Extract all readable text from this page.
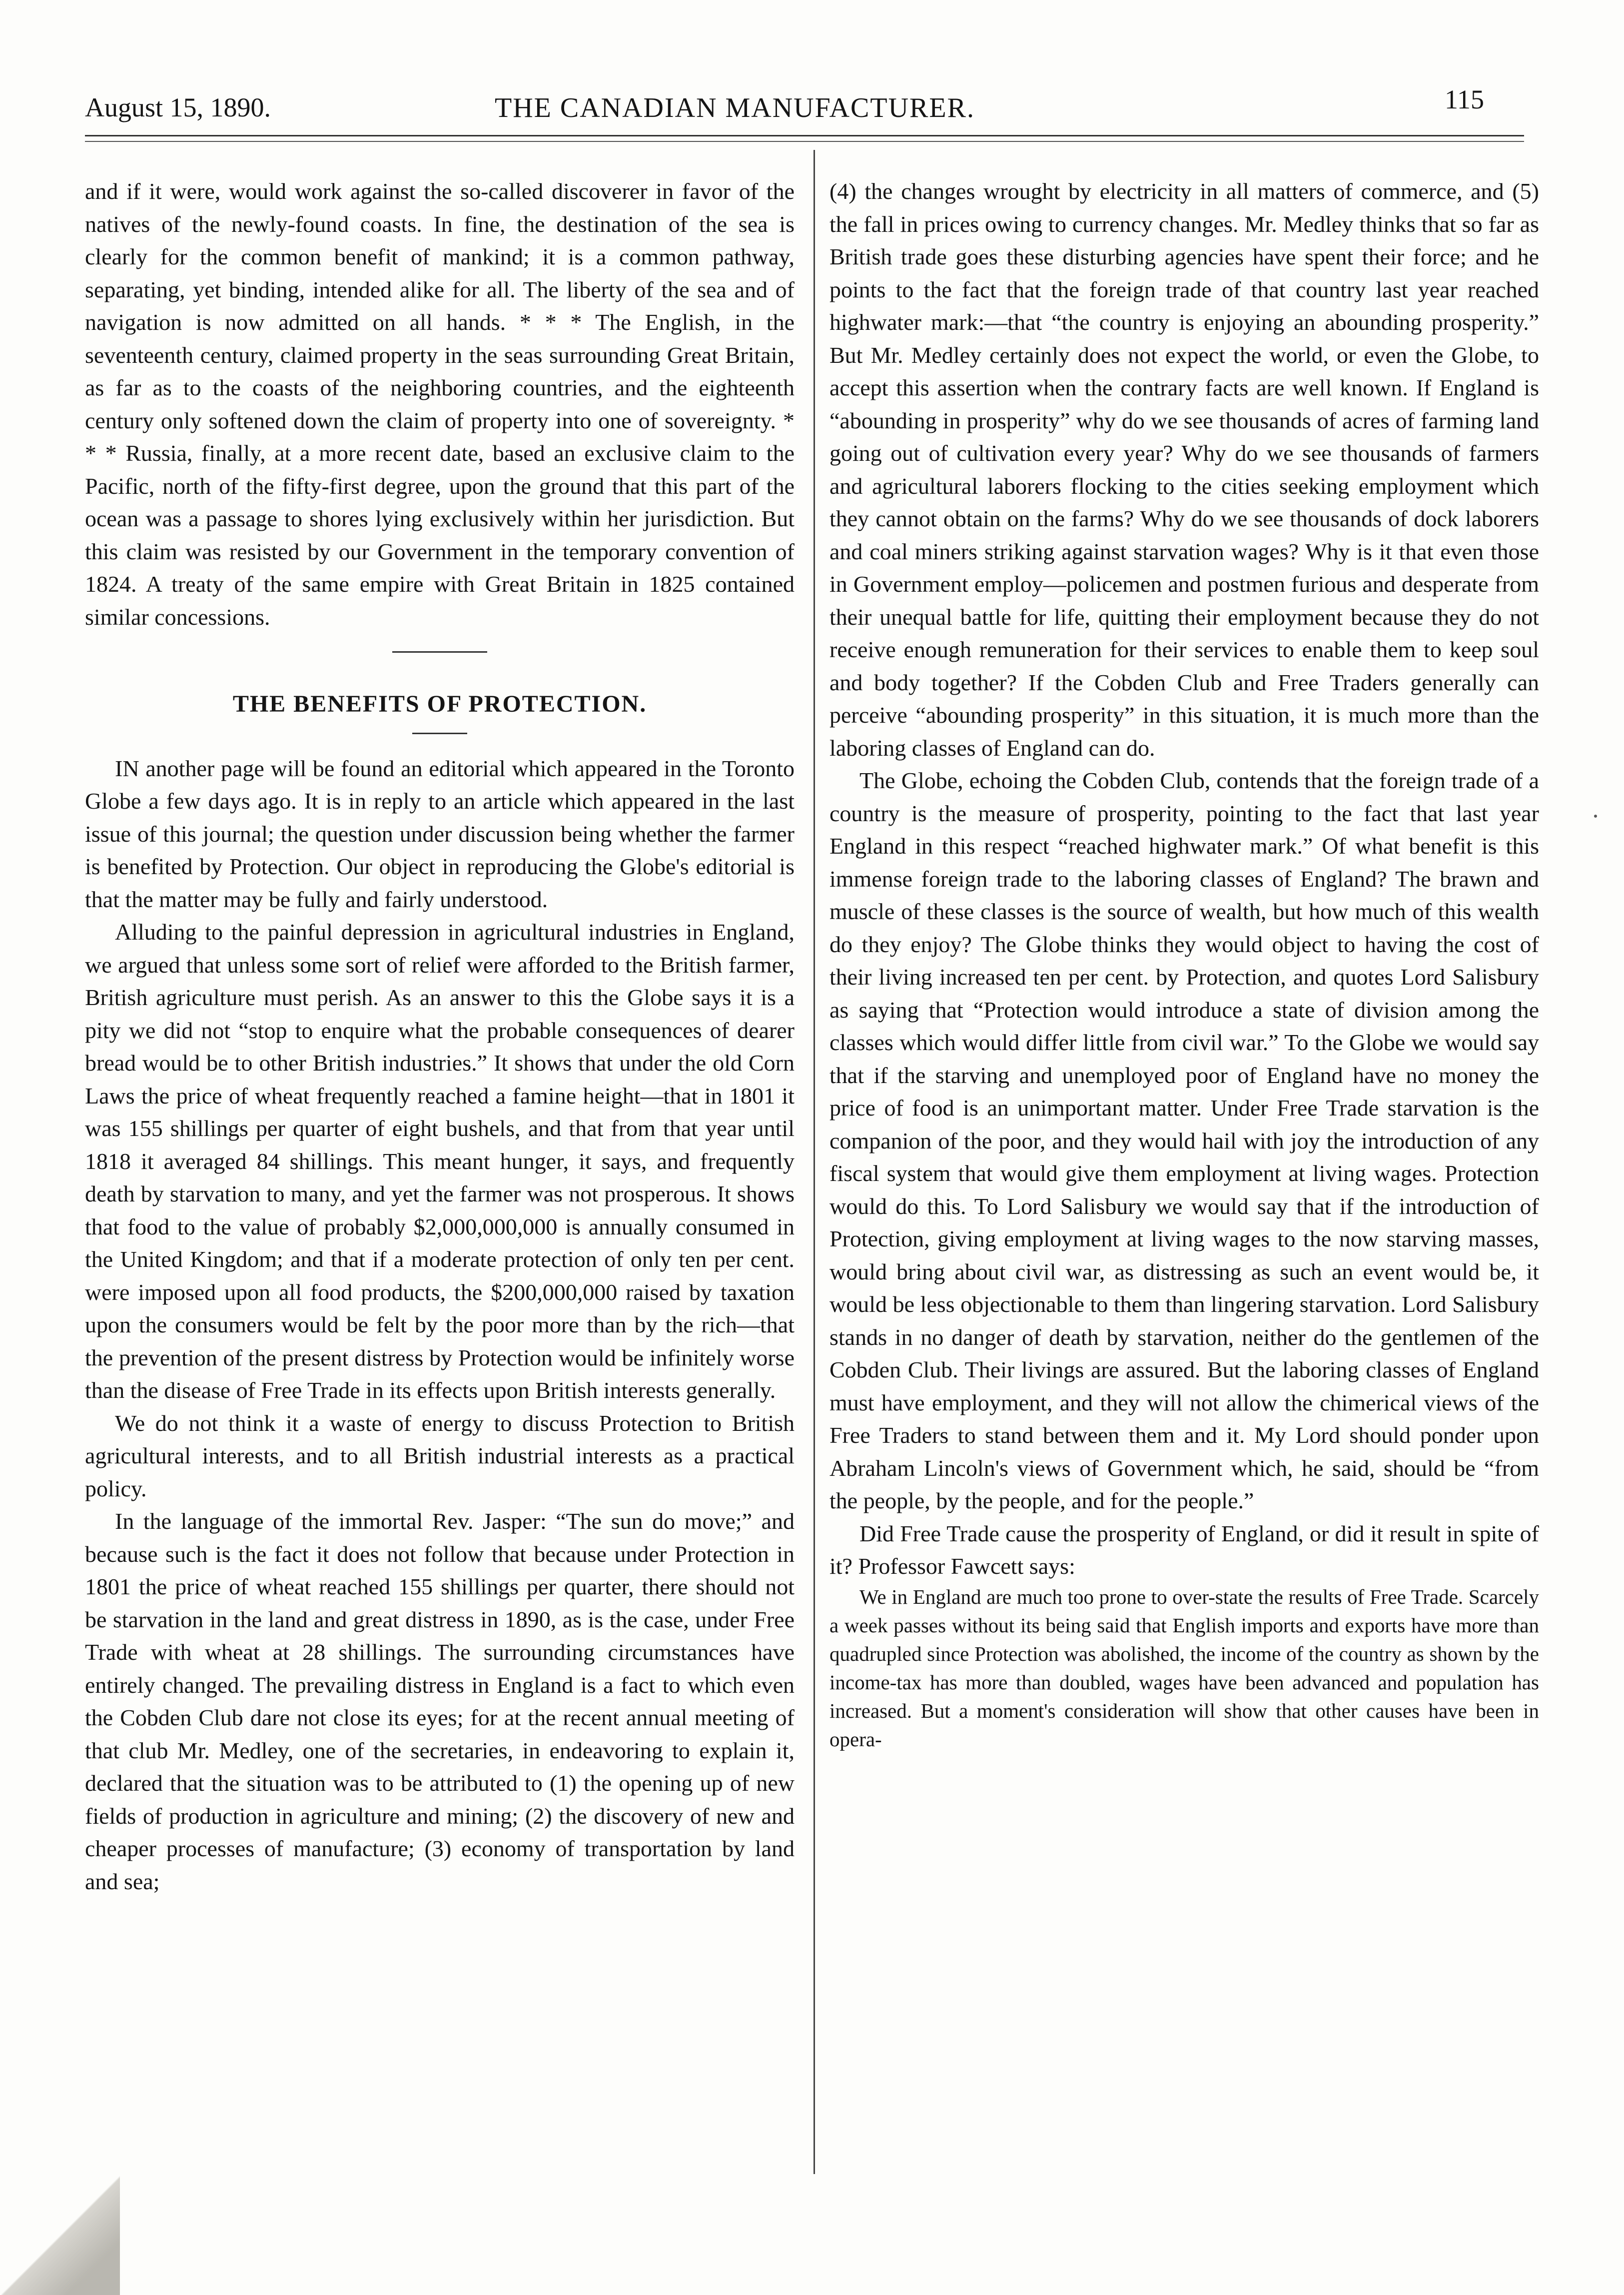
August 15, 1890.	THE CANADIAN MANUFACTURER.	115

and if it were, would work against the so-called discoverer in favor of the natives of the newly-found coasts. In fine, the destination of the sea is clearly for the common benefit of mankind; it is a common pathway, separating, yet binding, intended alike for all. The liberty of the sea and of navigation is now admitted on all hands. * * * The English, in the seventeenth century, claimed property in the seas surrounding Great Britain, as far as to the coasts of the neighboring countries, and the eighteenth century only softened down the claim of property into one of sovereignty. * * * Russia, finally, at a more recent date, based an exclusive claim to the Pacific, north of the fifty-first degree, upon the ground that this part of the ocean was a passage to shores lying exclusively within her jurisdiction. But this claim was resisted by our Government in the temporary convention of 1824. A treaty of the same empire with Great Britain in 1825 contained similar concessions.

THE BENEFITS OF PROTECTION.

IN another page will be found an editorial which appeared in the Toronto Globe a few days ago. It is in reply to an article which appeared in the last issue of this journal; the question under discussion being whether the farmer is benefited by Protection. Our object in reproducing the Globe's editorial is that the matter may be fully and fairly understood.

Alluding to the painful depression in agricultural industries in England, we argued that unless some sort of relief were afforded to the British farmer, British agriculture must perish. As an answer to this the Globe says it is a pity we did not “stop to enquire what the probable consequences of dearer bread would be to other British industries.” It shows that under the old Corn Laws the price of wheat frequently reached a famine height—that in 1801 it was 155 shillings per quarter of eight bushels, and that from that year until 1818 it averaged 84 shillings. This meant hunger, it says, and frequently death by starvation to many, and yet the farmer was not prosperous. It shows that food to the value of probably $2,000,000,000 is annually consumed in the United Kingdom; and that if a moderate protection of only ten per cent. were imposed upon all food products, the $200,000,000 raised by taxation upon the consumers would be felt by the poor more than by the rich—that the prevention of the present distress by Protection would be infinitely worse than the disease of Free Trade in its effects upon British interests generally.

We do not think it a waste of energy to discuss Protection to British agricultural interests, and to all British industrial interests as a practical policy.

In the language of the immortal Rev. Jasper: “The sun do move;” and because such is the fact it does not follow that because under Protection in 1801 the price of wheat reached 155 shillings per quarter, there should not be starvation in the land and great distress in 1890, as is the case, under Free Trade with wheat at 28 shillings. The surrounding circumstances have entirely changed. The prevailing distress in England is a fact to which even the Cobden Club dare not close its eyes; for at the recent annual meeting of that club Mr. Medley, one of the secretaries, in endeavoring to explain it, declared that the situation was to be attributed to (1) the opening up of new fields of production in agriculture and mining; (2) the discovery of new and cheaper processes of manufacture; (3) economy of transportation by land and sea;

(4) the changes wrought by electricity in all matters of commerce, and (5) the fall in prices owing to currency changes. Mr. Medley thinks that so far as British trade goes these disturbing agencies have spent their force; and he points to the fact that the foreign trade of that country last year reached highwater mark:—that “the country is enjoying an abounding prosperity.” But Mr. Medley certainly does not expect the world, or even the Globe, to accept this assertion when the contrary facts are well known. If England is “abounding in prosperity” why do we see thousands of acres of farming land going out of cultivation every year? Why do we see thousands of farmers and agricultural laborers flocking to the cities seeking employment which they cannot obtain on the farms? Why do we see thousands of dock laborers and coal miners striking against starvation wages? Why is it that even those in Government employ—policemen and postmen furious and desperate from their unequal battle for life, quitting their employment because they do not receive enough remuneration for their services to enable them to keep soul and body together? If the Cobden Club and Free Traders generally can perceive “abounding prosperity” in this situation, it is much more than the laboring classes of England can do.

The Globe, echoing the Cobden Club, contends that the foreign trade of a country is the measure of prosperity, pointing to the fact that last year England in this respect “reached highwater mark.” Of what benefit is this immense foreign trade to the laboring classes of England? The brawn and muscle of these classes is the source of wealth, but how much of this wealth do they enjoy? The Globe thinks they would object to having the cost of their living increased ten per cent. by Protection, and quotes Lord Salisbury as saying that “Protection would introduce a state of division among the classes which would differ little from civil war.” To the Globe we would say that if the starving and unemployed poor of England have no money the price of food is an unimportant matter. Under Free Trade starvation is the companion of the poor, and they would hail with joy the introduction of any fiscal system that would give them employment at living wages. Protection would do this. To Lord Salisbury we would say that if the introduction of Protection, giving employment at living wages to the now starving masses, would bring about civil war, as distressing as such an event would be, it would be less objectionable to them than lingering starvation. Lord Salisbury stands in no danger of death by starvation, neither do the gentlemen of the Cobden Club. Their livings are assured. But the laboring classes of England must have employment, and they will not allow the chimerical views of the Free Traders to stand between them and it. My Lord should ponder upon Abraham Lincoln's views of Government which, he said, should be “from the people, by the people, and for the people.”

Did Free Trade cause the prosperity of England, or did it result in spite of it? Professor Fawcett says:

We in England are much too prone to over-state the results of Free Trade. Scarcely a week passes without its being said that English imports and exports have more than quadrupled since Protection was abolished, the income of the country as shown by the income-tax has more than doubled, wages have been advanced and population has increased. But a moment's consideration will show that other causes have been in opera-
